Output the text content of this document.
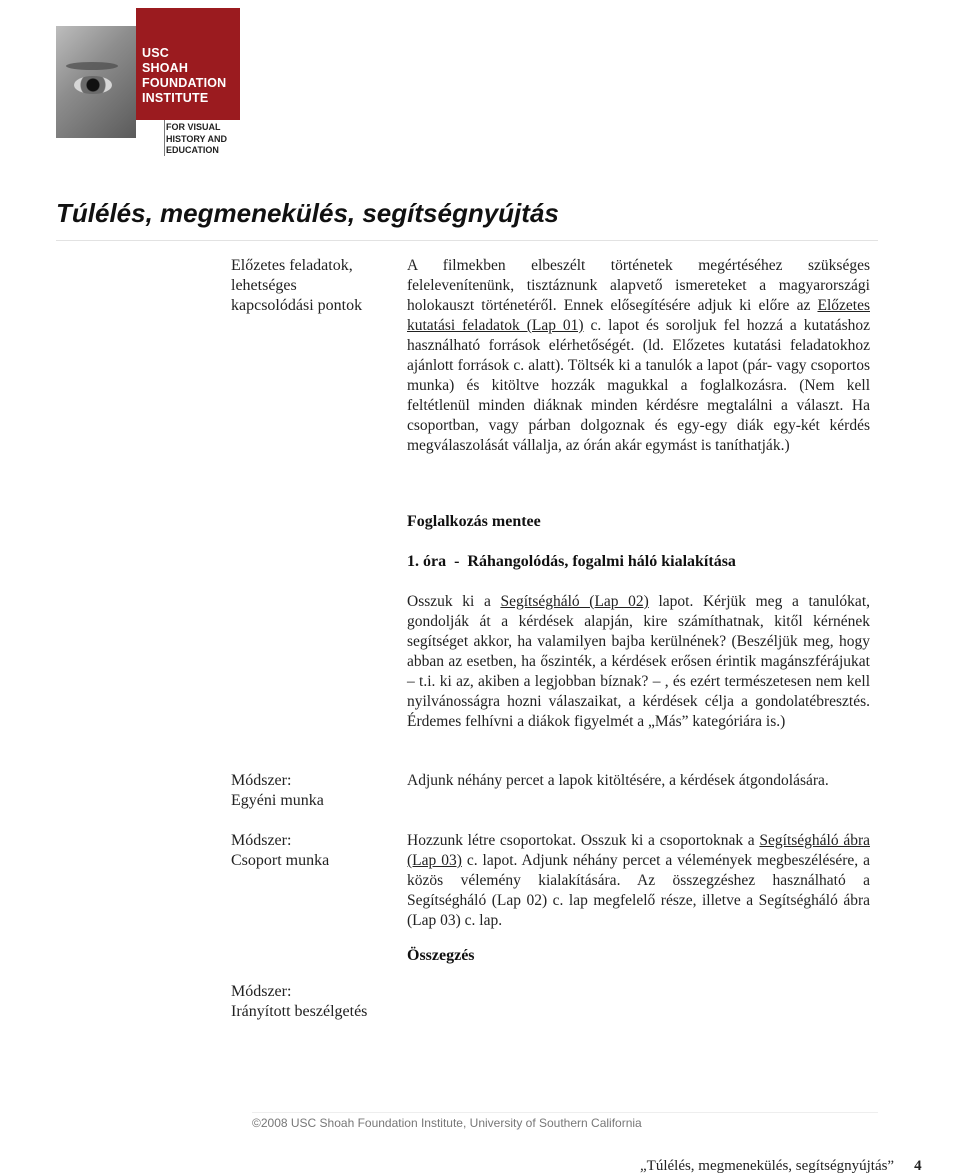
USC
SHOAH
FOUNDATION
INSTITUTE
FOR VISUAL
HISTORY AND
EDUCATION
Túlélés, megmenekülés, segítségnyújtás
Előzetes feladatok,
lehetséges
kapcsolódási pontok
A filmekben elbeszélt történetek megértéséhez szükséges felelevenítenünk, tisztáznunk alapvető ismereteket a magyarországi holokauszt történetéről. Ennek elősegítésére adjuk ki előre az Előzetes kutatási feladatok (Lap 01) c. lapot és soroljuk fel hozzá a kutatáshoz használható források elérhetőségét. (ld. Előzetes kutatási feladatokhoz ajánlott források c. alatt). Töltsék ki a tanulók a lapot (pár- vagy csoportos munka) és kitöltve hozzák magukkal a foglalkozásra. (Nem kell feltétlenül minden diáknak minden kérdésre megtalálni a választ. Ha csoportban, vagy párban dolgoznak és egy-egy diák egy-két kérdés megválaszolását vállalja, az órán akár egymást is taníthatják.)
Foglalkozás mentee
1. óra  -  Ráhangolódás, fogalmi háló kialakítása
Osszuk ki a Segítségháló (Lap 02) lapot. Kérjük meg a tanulókat, gondolják át a kérdések alapján, kire számíthatnak, kitől kérnének segítséget akkor, ha valamilyen bajba kerülnének? (Beszéljük meg, hogy abban az esetben, ha őszinték, a kérdések erősen érintik magánszférájukat – t.i. ki az, akiben a legjobban bíznak? – , és ezért természetesen nem kell nyilvánosságra hozni válaszaikat, a kérdések célja a gondolatébresztés. Érdemes felhívni a diákok figyelmét a „Más” kategóriára is.)
Módszer:
Egyéni munka
Adjunk néhány percet a lapok kitöltésére, a kérdések átgondolására.
Módszer:
Csoport munka
Hozzunk létre csoportokat. Osszuk ki a csoportoknak a Segítségháló ábra (Lap 03) c. lapot. Adjunk néhány percet a vélemények megbeszélésére, a közös vélemény kialakítására. Az összegzéshez használható a Segítségháló (Lap 02) c. lap megfelelő része, illetve a Segítségháló ábra (Lap 03) c. lap.
Összegzés
Módszer:
Irányított beszélgetés
©2008 USC Shoah Foundation Institute, University of Southern California
„Túlélés, megmenekülés, segítségnyújtás” 4
